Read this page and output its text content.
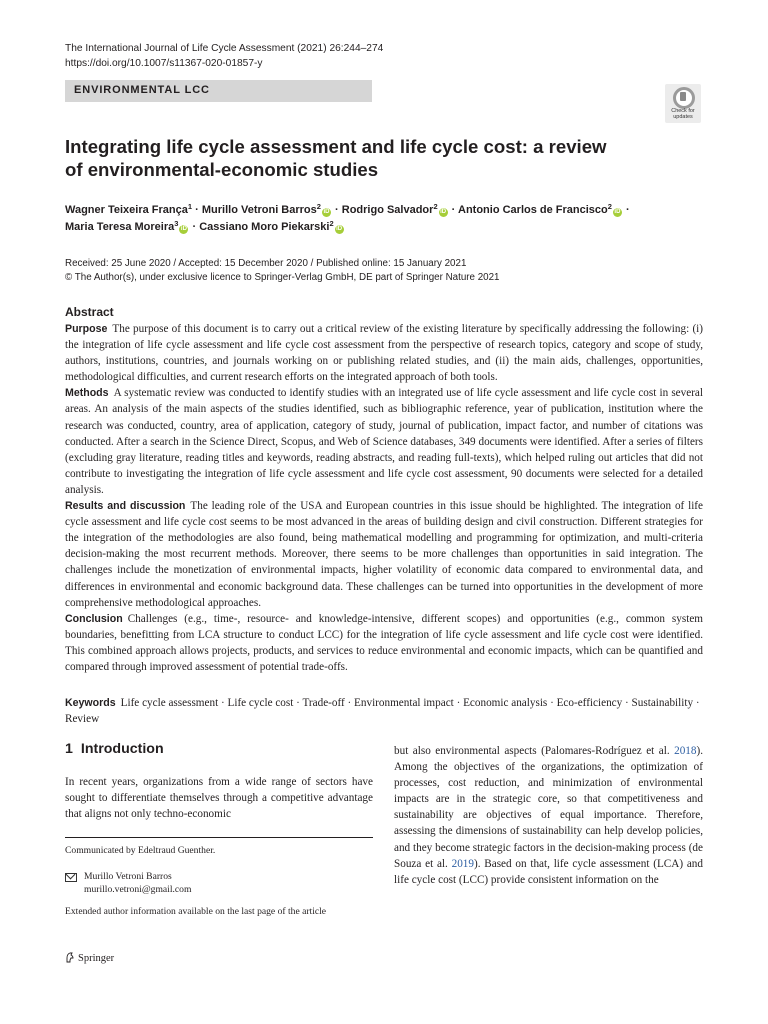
The International Journal of Life Cycle Assessment (2021) 26:244–274
https://doi.org/10.1007/s11367-020-01857-y
ENVIRONMENTAL LCC
Check for
updates
Integrating life cycle assessment and life cycle cost: a review
of environmental-economic studies
Wagner Teixeira França$^1$ · Murillo Vetroni Barros$^2$iD · Rodrigo Salvador$^2$iD · Antonio Carlos de Francisco$^2$iD ·
Maria Teresa Moreira$^3$iD · Cassiano Moro Piekarski$^2$iD
Received: 25 June 2020 / Accepted: 15 December 2020 / Published online: 15 January 2021
© The Author(s), under exclusive licence to Springer-Verlag GmbH, DE part of Springer Nature 2021
Abstract

Purpose The purpose of this document is to carry out a critical review of the existing literature by specifically addressing the following: (i) the integration of life cycle assessment and life cycle cost assessment from the perspective of research topics, category and scope of study, authors, institutions, countries, and journals working on or publishing related studies, and (ii) the main aids, challenges, opportunities, methodological difficulties, and current research efforts on the integrated approach of both tools.

Methods A systematic review was conducted to identify studies with an integrated use of life cycle assessment and life cycle cost in several areas. An analysis of the main aspects of the studies identified, such as bibliographic reference, year of publication, institution where the research was conducted, country, area of application, category of study, journal of publication, impact factor, and number of citations was conducted. After a search in the Science Direct, Scopus, and Web of Science databases, 349 documents were identified. After a series of filters (excluding gray literature, reading titles and keywords, reading abstracts, and reading full-texts), which helped ruling out articles that did not contribute to investigating the integration of life cycle assessment and life cycle cost assessment, 90 documents were selected for a detailed analysis.

Results and discussion The leading role of the USA and European countries in this issue should be highlighted. The integration of life cycle assessment and life cycle cost seems to be most advanced in the areas of building design and civil construction. Different strategies for the integration of the methodologies are also found, being mathematical modelling and programming for optimization, and multi-criteria decision-making the most recurrent methods. Moreover, there seems to be more challenges than opportunities in said integration. The challenges include the monetization of environmental impacts, higher volatility of economic data compared to environmental data, and differences in environmental and economic background data. These challenges can be turned into opportunities in the development of more comprehensive methodological approaches.

Conclusion Challenges (e.g., time-, resource- and knowledge-intensive, different scopes) and opportunities (e.g., common system boundaries, benefitting from LCA structure to conduct LCC) for the integration of life cycle assessment and life cycle cost were identified. This combined approach allows projects, products, and services to reduce environmental and economic impacts, which can be quantified and compared through improved assessment of potential trade-offs.

Keywords Life cycle assessment · Life cycle cost · Trade-off · Environmental impact · Economic analysis · Eco-efficiency · Sustainability · Review
1 Introduction

In recent years, organizations from a wide range of sectors have sought to differentiate themselves through a competitive advantage that aligns not only techno-economic

Communicated by Edeltraud Guenther.
Murillo Vetroni Barros
murillo.vetroni@gmail.com
Extended author information available on the last page of the article

but also environmental aspects (Palomares-Rodríguez et al. 2018). Among the objectives of the organizations, the optimization of processes, cost reduction, and minimization of environmental impacts are in the strategic core, so that competitiveness and sustainability are objectives of equal importance. Therefore, assessing the dimensions of sustainability can help develop policies, and they become strategic factors in the decision-making process (de Souza et al. 2019). Based on that, life cycle assessment (LCA) and life cycle cost (LCC) provide consistent information on the

Springer
